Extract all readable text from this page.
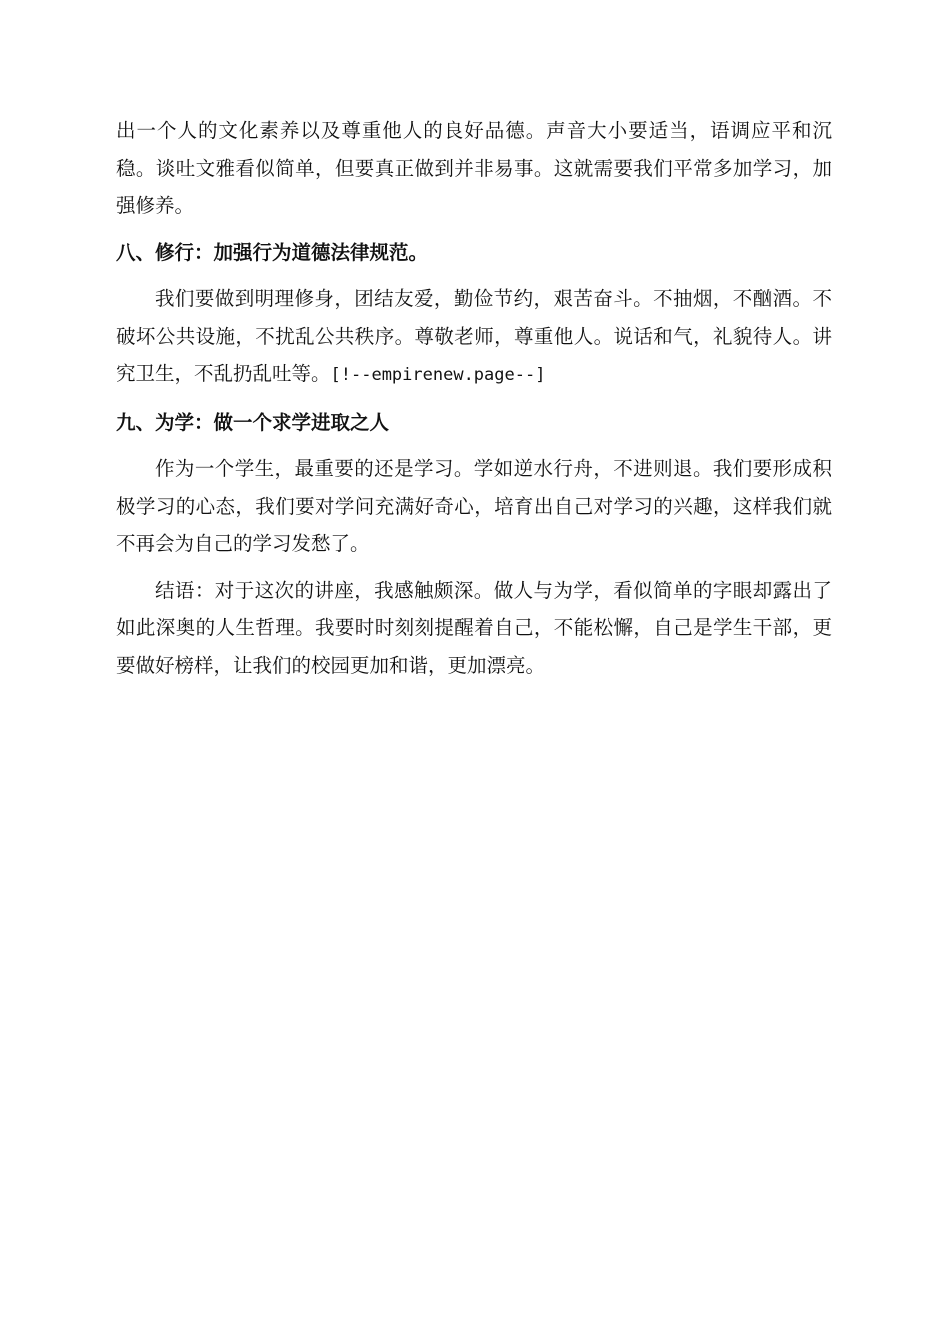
出一个人的文化素养以及尊重他人的良好品德。声音大小要适当，语调应平和沉稳。谈吐文雅看似简单，但要真正做到并非易事。这就需要我们平常多加学习，加强修养。

八、修行：加强行为道德法律规范。

我们要做到明理修身，团结友爱，勤俭节约，艰苦奋斗。不抽烟，不酗酒。不破坏公共设施，不扰乱公共秩序。尊敬老师，尊重他人。说话和气，礼貌待人。讲究卫生，不乱扔乱吐等。[!--empirenew.page--]

九、为学：做一个求学进取之人

作为一个学生，最重要的还是学习。学如逆水行舟，不进则退。我们要形成积极学习的心态，我们要对学问充满好奇心，培育出自己对学习的兴趣，这样我们就不再会为自己的学习发愁了。

结语：对于这次的讲座，我感触颇深。做人与为学，看似简单的字眼却露出了如此深奥的人生哲理。我要时时刻刻提醒着自己，不能松懈，自己是学生干部，更要做好榜样，让我们的校园更加和谐，更加漂亮。
